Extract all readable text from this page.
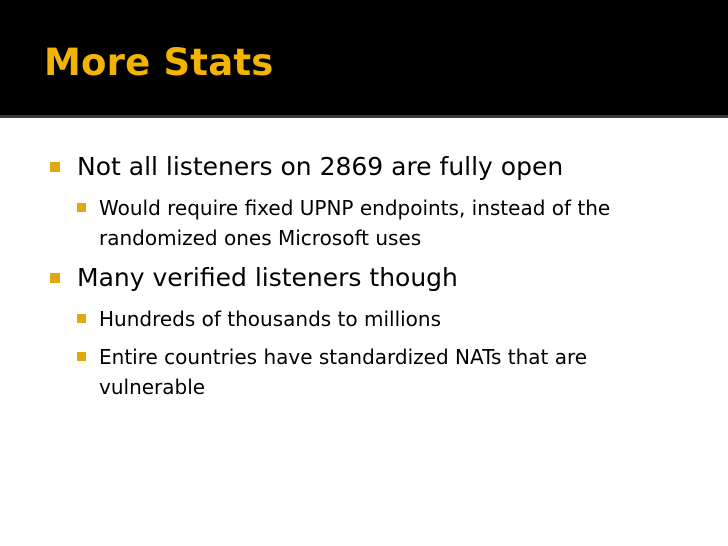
More Stats
Not all listeners on 2869 are fully open
Would require fixed UPNP endpoints, instead of the randomized ones Microsoft uses
Many verified listeners though
Hundreds of thousands to millions
Entire countries have standardized NATs that are vulnerable
